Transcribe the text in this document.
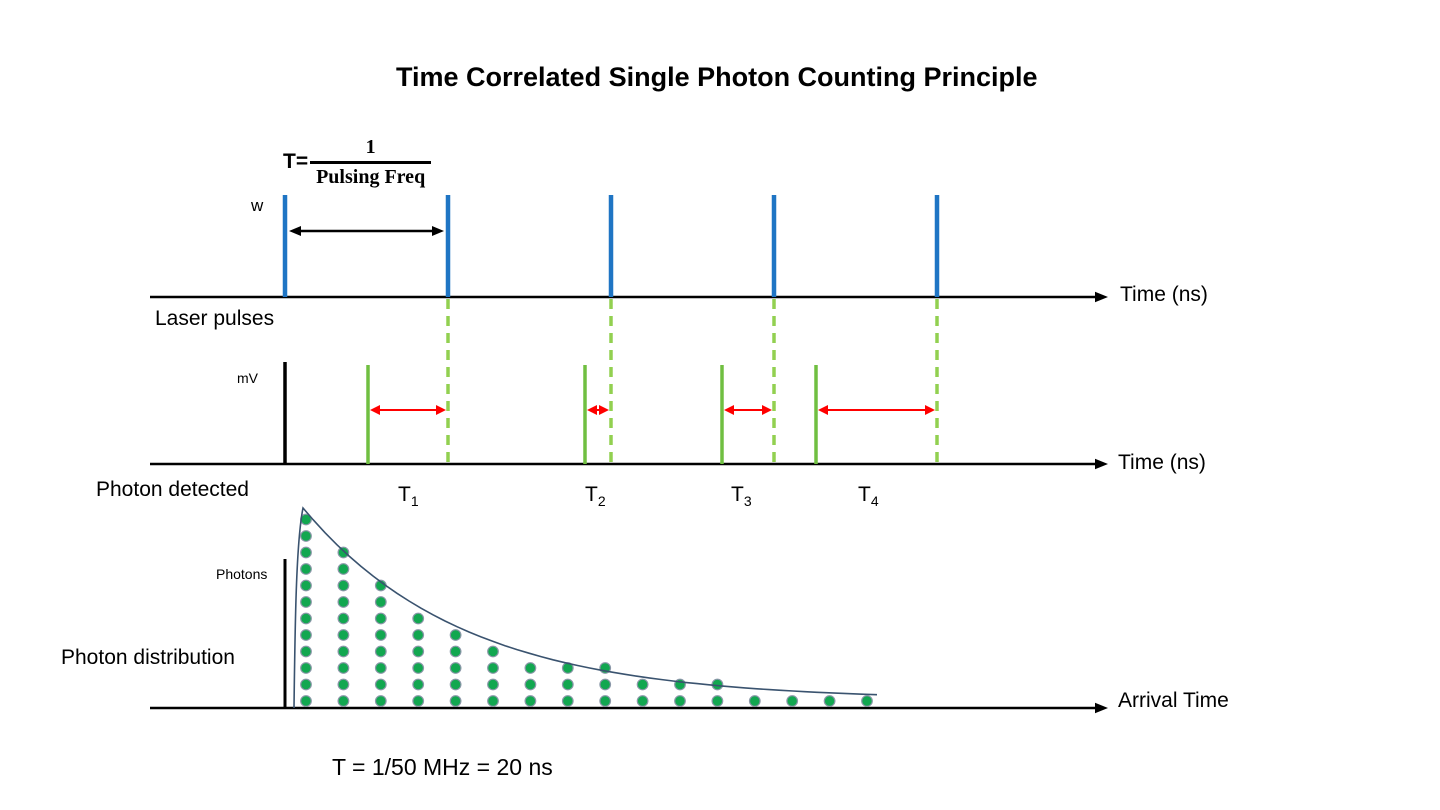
Time Correlated Single Photon Counting Principle
$T= \frac{1}{\text{Pulsing Freq}}$
w
Laser pulses
Time (ns)
mV
Photon detected	$T_1$	$T_2$	$T_3$	$T_4$
Time (ns)
Photons
Photon distribution
Arrival Time
T = 1/50 MHz = 20 ns
